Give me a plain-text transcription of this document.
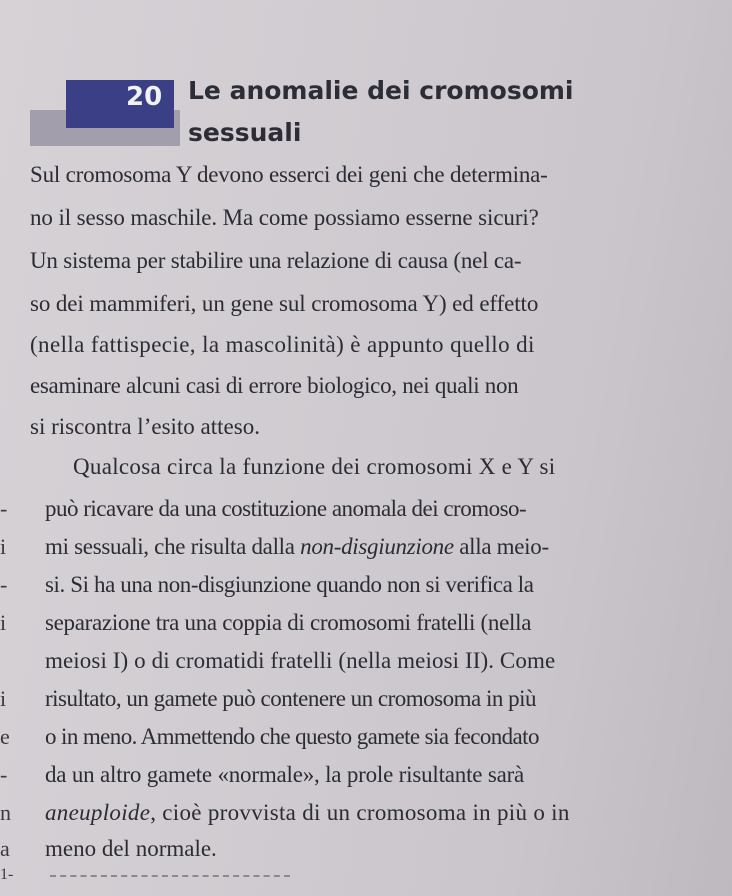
20 Le anomalie dei cromosomi
sessuali
Sul cromosoma Y devono esserci dei geni che determina-
no il sesso maschile. Ma come possiamo esserne sicuri?
Un sistema per stabilire una relazione di causa (nel ca-
so dei mammiferi, un gene sul cromosoma Y) ed effetto
(nella fattispecie, la mascolinità) è appunto quello di
esaminare alcuni casi di errore biologico, nei quali non
si riscontra l’esito atteso.
Qualcosa circa la funzione dei cromosomi X e Y si
può ricavare da una costituzione anomala dei cromoso-
mi sessuali, che risulta dalla non-disgiunzione alla meio-
si. Si ha una non-disgiunzione quando non si verifica la
separazione tra una coppia di cromosomi fratelli (nella
meiosi I) o di cromatidi fratelli (nella meiosi II). Come
risultato, un gamete può contenere un cromosoma in più
o in meno. Ammettendo che questo gamete sia fecondato
da un altro gamete «normale», la prole risultante sarà
aneuploide, cioè provvista di un cromosoma in più o in
meno del normale.
-
i
-
i
i
e
-
n
a
1-
